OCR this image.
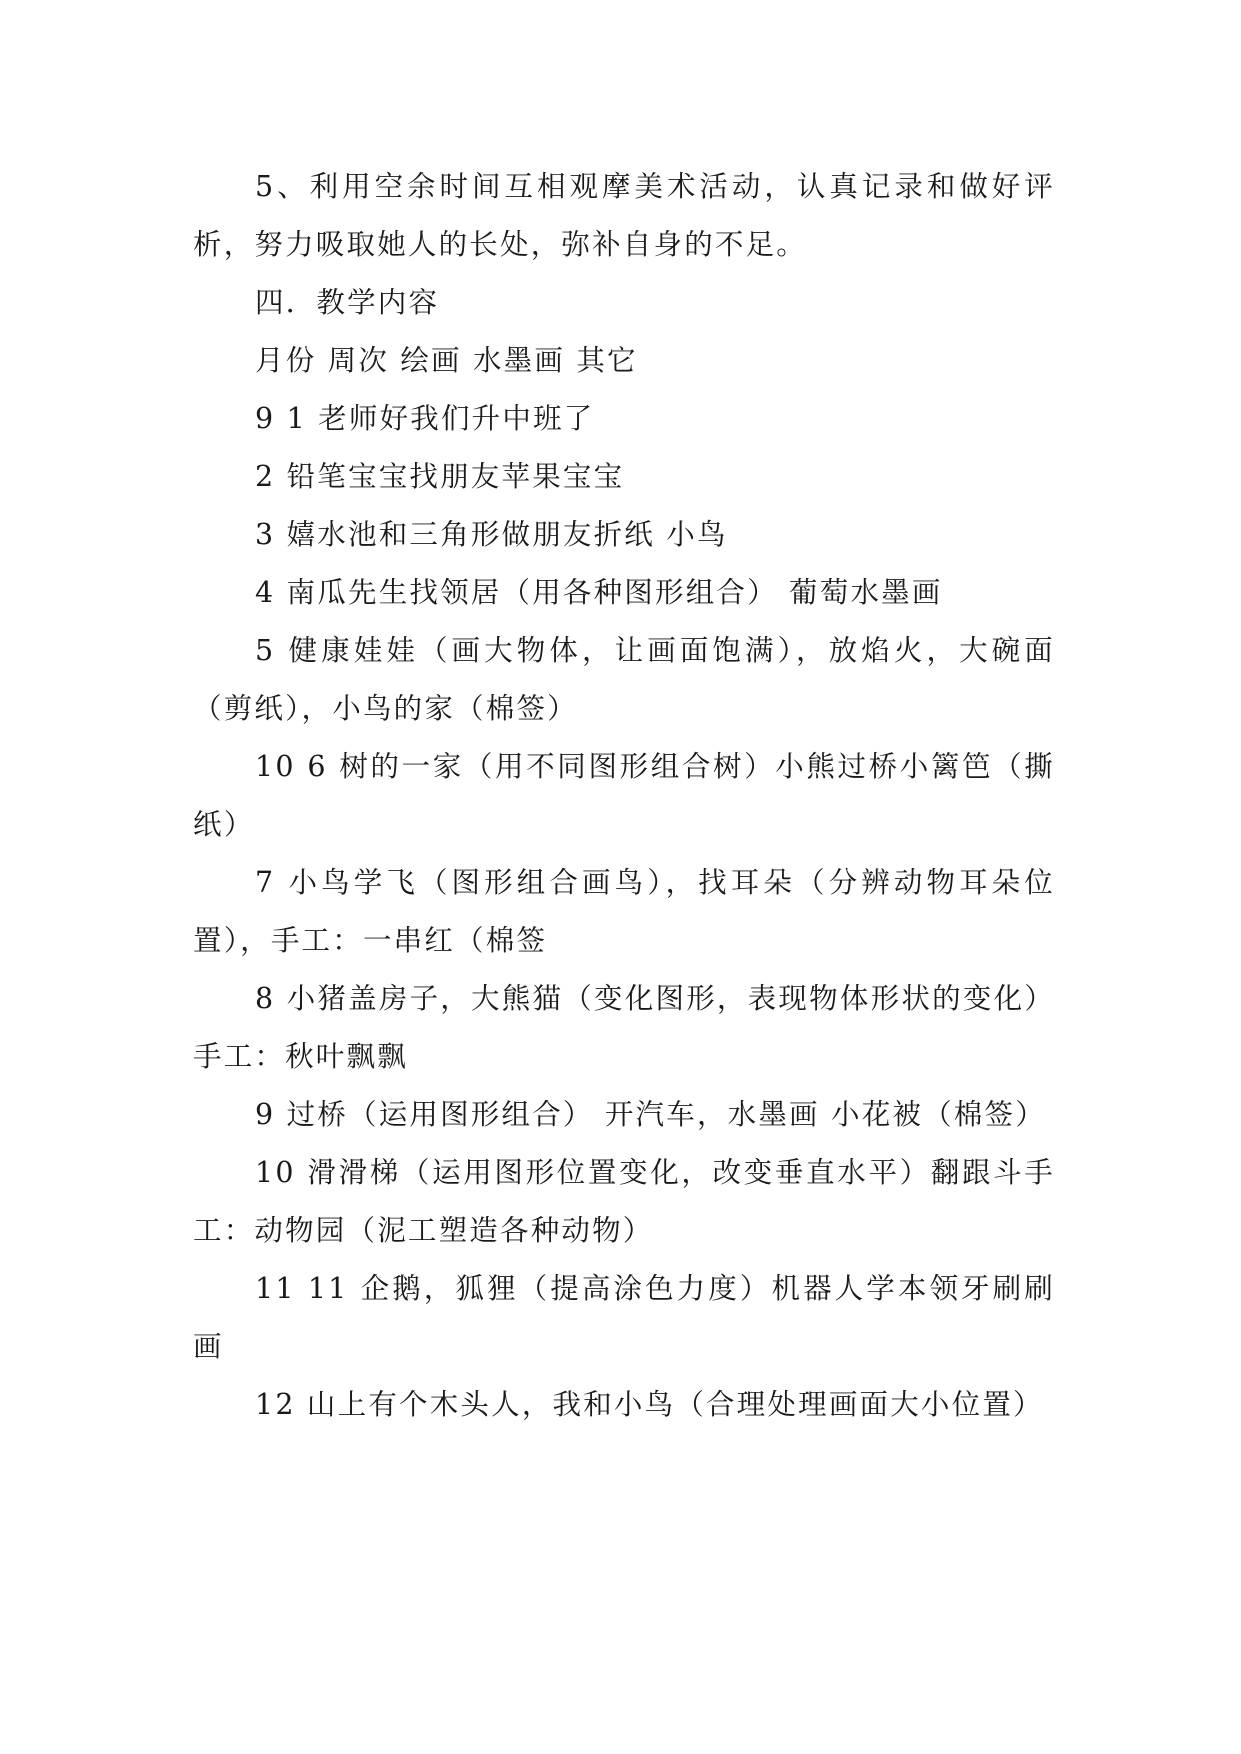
5、利用空余时间互相观摩美术活动，认真记录和做好评析，努力吸取她人的长处，弥补自身的不足。

四．教学内容

月份 周次 绘画 水墨画 其它

9 1 老师好我们升中班了

2 铅笔宝宝找朋友苹果宝宝

3 嬉水池和三角形做朋友折纸 小鸟

4 南瓜先生找领居（用各种图形组合） 葡萄水墨画

5 健康娃娃（画大物体，让画面饱满），放焰火，大碗面（剪纸），小鸟的家（棉签）

10 6 树的一家（用不同图形组合树）小熊过桥小篱笆（撕纸）

7 小鸟学飞（图形组合画鸟），找耳朵（分辨动物耳朵位置），手工：一串红（棉签

8 小猪盖房子，大熊猫（变化图形，表现物体形状的变化）手工：秋叶飘飘

9 过桥（运用图形组合） 开汽车，水墨画 小花被（棉签）

10 滑滑梯（运用图形位置变化，改变垂直水平）翻跟斗手工：动物园（泥工塑造各种动物）

11 11 企鹅，狐狸（提高涂色力度）机器人学本领牙刷刷画

12 山上有个木头人，我和小鸟（合理处理画面大小位置）
